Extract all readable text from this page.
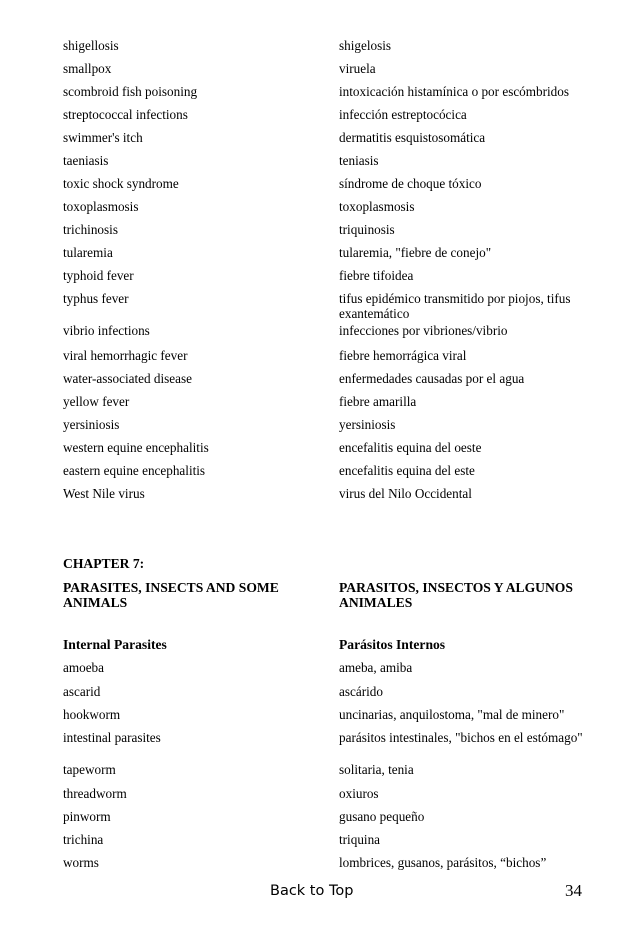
shigellosis	shigelosis
smallpox	viruela
scombroid fish poisoning	intoxicación histamínica o por escómbridos
streptococcal infections	infección estreptocócica
swimmer's itch	dermatitis esquistosomática
taeniasis	teniasis
toxic shock syndrome	síndrome de choque tóxico
toxoplasmosis	toxoplasmosis
trichinosis	triquinosis
tularemia	tularemia, "fiebre de conejo"
typhoid fever	fiebre tifoidea
typhus fever	tifus epidémico transmitido por piojos, tifus exantemático
vibrio infections	infecciones por vibriones/vibrio
viral hemorrhagic fever	fiebre hemorrágica viral
water-associated disease	enfermedades causadas por el agua
yellow fever	fiebre amarilla
yersiniosis	yersiniosis
western equine encephalitis	encefalitis equina del oeste
eastern equine encephalitis	encefalitis equina del este
West Nile virus	virus del Nilo Occidental
CHAPTER 7:
PARASITES, INSECTS AND SOME ANIMALS
PARASITOS, INSECTOS Y ALGUNOS ANIMALES
Internal Parasites	Parásitos Internos
amoeba	ameba, amiba
ascarid	ascárido
hookworm	uncinarias, anquilostoma, "mal de minero"
intestinal parasites	parásitos intestinales, "bichos en el estómago"
tapeworm	solitaria, tenia
threadworm	oxiuros
pinworm	gusano pequeño
trichina	triquina
worms	lombrices, gusanos, parásitos, “bichos”
Back to Top	34
